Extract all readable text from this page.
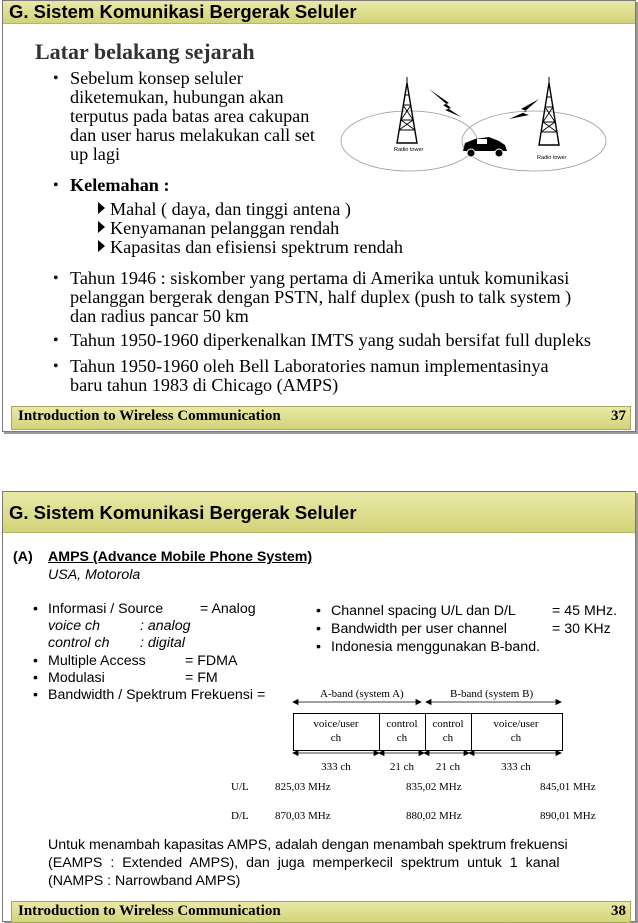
G. Sistem Komunikasi Bergerak Seluler
Latar belakang sejarah
• Sebelum konsep seluler
diketemukan, hubungan akan
terputus pada batas area cakupan
dan user harus melakukan call set
up lagi	Radio tower
Radio tower
• Kelemahan :
Mahal ( daya, dan tinggi antena )
Kenyamanan pelanggan rendah
Kapasitas dan efisiensi spektrum rendah
• Tahun 1946 : siskomber yang pertama di Amerika untuk komunikasi
pelanggan bergerak dengan PSTN, half duplex (push to talk system )
dan radius pancar 50 km
• Tahun 1950-1960 diperkenalkan IMTS yang sudah bersifat full dupleks
• Tahun 1950-1960 oleh Bell Laboratories namun implementasinya
baru tahun 1983 di Chicago (AMPS)
Introduction to Wireless Communication	37
G. Sistem Komunikasi Bergerak Seluler
(A) AMPS (Advance Mobile Phone System)
USA, Motorola
• Informasi / Source	= Analog
voice ch	: analog
control ch : digital
• Multiple Access	= FDMA
• Modulasi	= FM
• Bandwidth / Spektrum Frekuensi =
• Channel spacing U/L dan D/L	= 45 MHz.
• Bandwidth per user channel	= 30 KHz
• Indonesia menggunakan B-band.
A-band (system A)	B-band (system B)
voice/user
ch
control
ch
control
ch
voice/user
ch
333 ch	21 ch	21 ch	333 ch
U/L 825,03 MHz	835,02 MHz	845,01 MHz
D/L 870,03 MHz	880,02 MHz	890,01 MHz
Untuk menambah kapasitas AMPS, adalah dengan menambah spektrum frekuensi
(EAMPS : Extended AMPS), dan juga memperkecil spektrum untuk 1 kanal
(NAMPS : Narrowband AMPS)
Introduction to Wireless Communication	38
